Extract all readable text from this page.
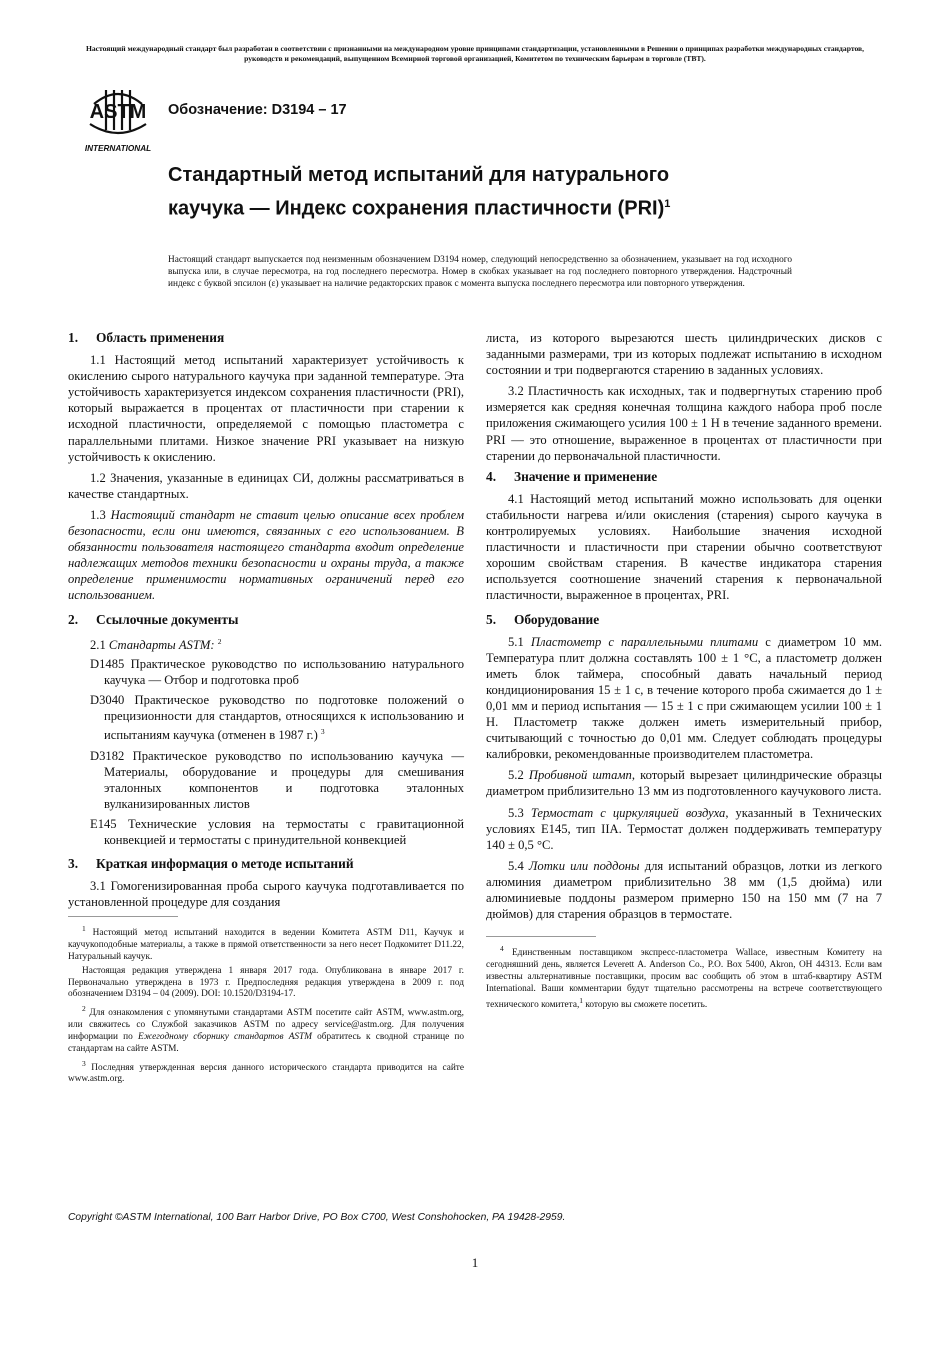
Настоящий международный стандарт был разработан в соответствии с признанными на международном уровне принципами стандартизации, установленными в Решении о принципах разработки международных стандартов, руководств и рекомендаций, выпущенном Всемирной торговой организацией, Комитетом по техническим барьерам в торговле (ТВТ).
ASTM
INTERNATIONAL
Обозначение: D3194 – 17
Стандартный метод испытаний для натурального каучука — Индекс сохранения пластичности (PRI)$^1$
Настоящий стандарт выпускается под неизменным обозначением D3194 номер, следующий непосредственно за обозначением, указывает на год исходного выпуска или, в случае пересмотра, на год последнего пересмотра. Номер в скобках указывает на год последнего повторного утверждения. Надстрочный индекс с буквой эпсилон (ε) указывает на наличие редакторских правок с момента выпуска последнего пересмотра или повторного утверждения.
1. Область применения

1.1 Настоящий метод испытаний характеризует устойчивость к окислению сырого натурального каучука при заданной температуре. Эта устойчивость характеризуется индексом сохранения пластичности (PRI), который выражается в процентах от пластичности при старении к исходной пластичности, определяемой с помощью пластометра с параллельными плитами. Низкое значение PRI указывает на низкую устойчивость к окислению.

1.2 Значения, указанные в единицах СИ, должны рассматриваться в качестве стандартных.

1.3 Настоящий стандарт не ставит целью описание всех проблем безопасности, если они имеются, связанных с его использованием. В обязанности пользователя настоящего стандарта входит определение надлежащих методов техники безопасности и охраны труда, а также определение применимости нормативных ограничений перед его использованием.

2. Ссылочные документы
2.1 Стандарты ASTM: $^2$
D1485 Практическое руководство по использованию натурального каучука — Отбор и подготовка проб
D3040 Практическое руководство по подготовке положений о прецизионности для стандартов, относящихся к использованию и испытаниям каучука (отменен в 1987 г.) $^3$
D3182 Практическое руководство по использованию каучука — Материалы, оборудование и процедуры для смешивания эталонных компонентов и подготовка эталонных вулканизированных листов
E145 Технические условия на термостаты с гравитационной конвекцией и термостаты с принудительной конвекцией
3. Краткая информация о методе испытаний

3.1 Гомогенизированная проба сырого каучука подготавливается по установленной процедуре для создания

$^1$ Настоящий метод испытаний находится в ведении Комитета ASTM D11, Каучук и каучукоподобные материалы, а также в прямой ответственности за него несет Подкомитет D11.22, Натуральный каучук.
Настоящая редакция утверждена 1 января 2017 года. Опубликована в январе 2017 г. Первоначально утверждена в 1973 г. Предпоследняя редакция утверждена в 2009 г. под обозначением D3194 – 04 (2009). DOI: 10.1520/D3194-17.
$^2$ Для ознакомления с упомянутыми стандартами ASTM посетите сайт ASTM, www.astm.org, или свяжитесь со Службой заказчиков ASTM по адресу service@astm.org. Для получения информации по Ежегодному сборнику стандартов ASTM обратитесь к сводной странице по стандартам на сайте ASTM.
$^3$ Последняя утвержденная версия данного исторического стандарта приводится на сайте www.astm.org.

листа, из которого вырезаются шесть цилиндрических дисков с заданными размерами, три из которых подлежат испытанию в исходном состоянии и три подвергаются старению в заданных условиях.

3.2 Пластичность как исходных, так и подвергнутых старению проб измеряется как средняя конечная толщина каждого набора проб после приложения сжимающего усилия 100 ± 1 Н в течение заданного времени. PRI — это отношение, выраженное в процентах от пластичности при старении до первоначальной пластичности.

4. Значение и применение

4.1 Настоящий метод испытаний можно использовать для оценки стабильности нагрева и/или окисления (старения) сырого каучука в контролируемых условиях. Наибольшие значения исходной пластичности и пластичности при старении обычно соответствуют хорошим свойствам старения. В качестве индикатора старения используется соотношение значений старения к первоначальной пластичности, выраженное в процентах, PRI.

5. Оборудование

5.1 Пластометр с параллельными плитами с диаметром 10 мм. Температура плит должна составлять 100 ± 1 °С, а пластометр должен иметь блок таймера, способный давать начальный период кондиционирования 15 ± 1 с, в течение которого проба сжимается до 1 ± 0,01 мм и период испытания — 15 ± 1 с при сжимающем усилии 100 ± 1 Н. Пластометр также должен иметь измерительный прибор, считывающий с точностью до 0,01 мм. Следует соблюдать процедуры калибровки, рекомендованные производителем пластометра.

5.2 Пробивной штамп, который вырезает цилиндрические образцы диаметром приблизительно 13 мм из подготовленного каучукового листа.

5.3 Термостат с циркуляцией воздуха, указанный в Технических условиях E145, тип IIA. Термостат должен поддерживать температуру 140 ± 0,5 °С.

5.4 Лотки или поддоны для испытаний образцов, лотки из легкого алюминия диаметром приблизительно 38 мм (1,5 дюйма) или алюминиевые поддоны размером примерно 150 на 150 мм (7 на 7 дюймов) для старения образцов в термостате.

$^4$ Единственным поставщиком экспресс-пластометра Wallace, известным Комитету на сегодняшний день, является Leverett A. Anderson Co., P.O. Box 5400, Akron, OH 44313. Если вам известны альтернативные поставщики, просим вас сообщить об этом в штаб-квартиру ASTM International. Ваши комментарии будут тщательно рассмотрены на встрече соответствующего технического комитета,$^1$ которую вы сможете посетить.
Copyright ©ASTM International, 100 Barr Harbor Drive, PO Box C700, West Conshohocken, PA 19428-2959.
1
